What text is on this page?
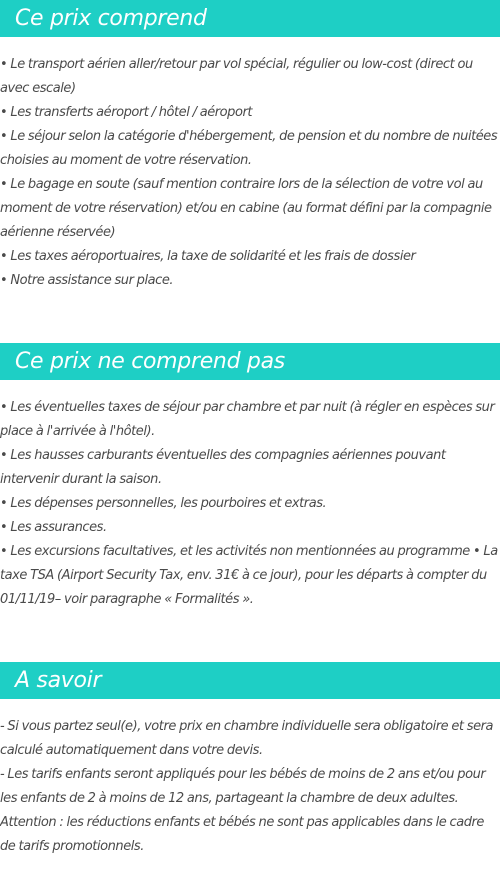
Ce prix comprend

• Le transport aérien aller/retour par vol spécial, régulier ou low-cost (direct ou avec escale)

• Les transferts aéroport / hôtel / aéroport

• Le séjour selon la catégorie d'hébergement, de pension et du nombre de nuitées choisies au moment de votre réservation.

• Le bagage en soute (sauf mention contraire lors de la sélection de votre vol au moment de votre réservation) et/ou en cabine (au format défini par la compagnie aérienne réservée)

• Les taxes aéroportuaires, la taxe de solidarité et les frais de dossier

• Notre assistance sur place.

Ce prix ne comprend pas

• Les éventuelles taxes de séjour par chambre et par nuit (à régler en espèces sur place à l'arrivée à l'hôtel).

• Les hausses carburants éventuelles des compagnies aériennes pouvant intervenir durant la saison.

• Les dépenses personnelles, les pourboires et extras.

• Les assurances.

• Les excursions facultatives, et les activités non mentionnées au programme • La taxe TSA (Airport Security Tax, env. 31€ à ce jour), pour les départs à compter du 01/11/19– voir paragraphe « Formalités ».

A savoir

- Si vous partez seul(e), votre prix en chambre individuelle sera obligatoire et sera calculé automatiquement dans votre devis.

- Les tarifs enfants seront appliqués pour les bébés de moins de 2 ans et/ou pour les enfants de 2 à moins de 12 ans, partageant la chambre de deux adultes. Attention : les réductions enfants et bébés ne sont pas applicables dans le cadre de tarifs promotionnels.
